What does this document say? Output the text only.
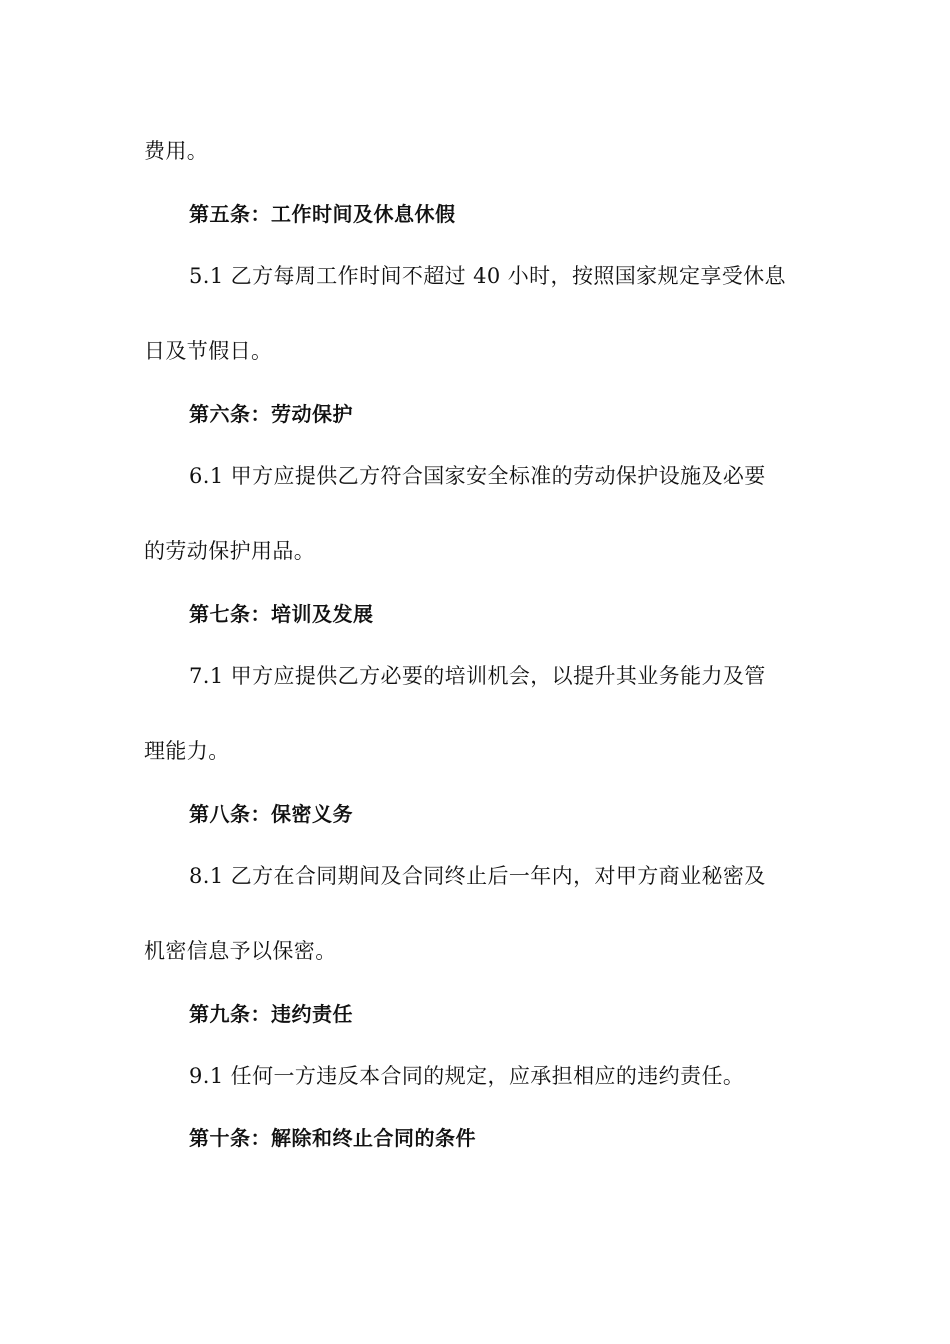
费用。
第五条：工作时间及休息休假
5.1 乙方每周工作时间不超过 40 小时，按照国家规定享受休息
日及节假日。
第六条：劳动保护
6.1 甲方应提供乙方符合国家安全标准的劳动保护设施及必要
的劳动保护用品。
第七条：培训及发展
7.1 甲方应提供乙方必要的培训机会，以提升其业务能力及管
理能力。
第八条：保密义务
8.1 乙方在合同期间及合同终止后一年内，对甲方商业秘密及
机密信息予以保密。
第九条：违约责任
9.1 任何一方违反本合同的规定，应承担相应的违约责任。
第十条：解除和终止合同的条件
